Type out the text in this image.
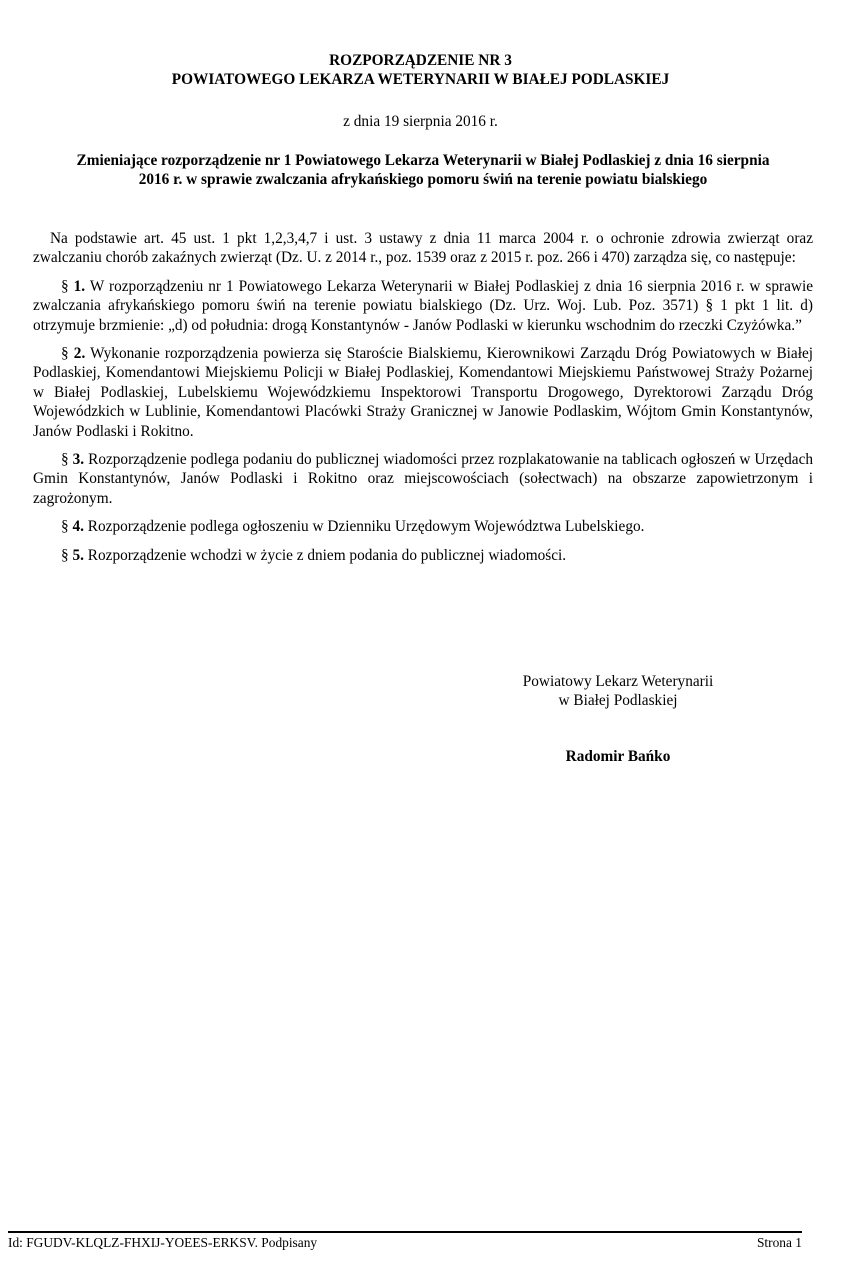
ROZPORZĄDZENIE NR 3
POWIATOWEGO LEKARZA WETERYNARII W BIAŁEJ PODLASKIEJ
z dnia 19 sierpnia 2016 r.
Zmieniające rozporządzenie nr 1 Powiatowego Lekarza Weterynarii w Białej Podlaskiej z dnia 16 sierpnia
2016 r. w sprawie zwalczania afrykańskiego pomoru świń na terenie powiatu bialskiego

Na podstawie art. 45 ust. 1 pkt 1,2,3,4,7 i ust. 3 ustawy z dnia 11 marca 2004 r. o ochronie zdrowia zwierząt oraz zwalczaniu chorób zakaźnych zwierząt (Dz. U. z 2014 r., poz. 1539 oraz z 2015 r. poz. 266 i 470) zarządza się, co następuje:

§ 1. W rozporządzeniu nr 1 Powiatowego Lekarza Weterynarii w Białej Podlaskiej z dnia 16 sierpnia 2016 r. w sprawie zwalczania afrykańskiego pomoru świń na terenie powiatu bialskiego (Dz. Urz. Woj. Lub. Poz. 3571) § 1 pkt 1 lit. d) otrzymuje brzmienie: „d) od południa: drogą Konstantynów - Janów Podlaski w kierunku wschodnim do rzeczki Czyżówka.”

§ 2. Wykonanie rozporządzenia powierza się Staroście Bialskiemu, Kierownikowi Zarządu Dróg Powiatowych w Białej Podlaskiej, Komendantowi Miejskiemu Policji w Białej Podlaskiej, Komendantowi Miejskiemu Państwowej Straży Pożarnej w Białej Podlaskiej, Lubelskiemu Wojewódzkiemu Inspektorowi Transportu Drogowego, Dyrektorowi Zarządu Dróg Wojewódzkich w Lublinie, Komendantowi Placówki Straży Granicznej w Janowie Podlaskim, Wójtom Gmin Konstantynów, Janów Podlaski i Rokitno.

§ 3. Rozporządzenie podlega podaniu do publicznej wiadomości przez rozplakatowanie na tablicach ogłoszeń w Urzędach Gmin Konstantynów, Janów Podlaski i Rokitno oraz miejscowościach (sołectwach) na obszarze zapowietrzonym i zagrożonym.

§ 4. Rozporządzenie podlega ogłoszeniu w Dzienniku Urzędowym Województwa Lubelskiego.

§ 5. Rozporządzenie wchodzi w życie z dniem podania do publicznej wiadomości.

Powiatowy Lekarz Weterynarii
w Białej Podlaskiej
Radomir Bańko
Id: FGUDV-KLQLZ-FHXIJ-YOEES-ERKSV. Podpisany	Strona 1
